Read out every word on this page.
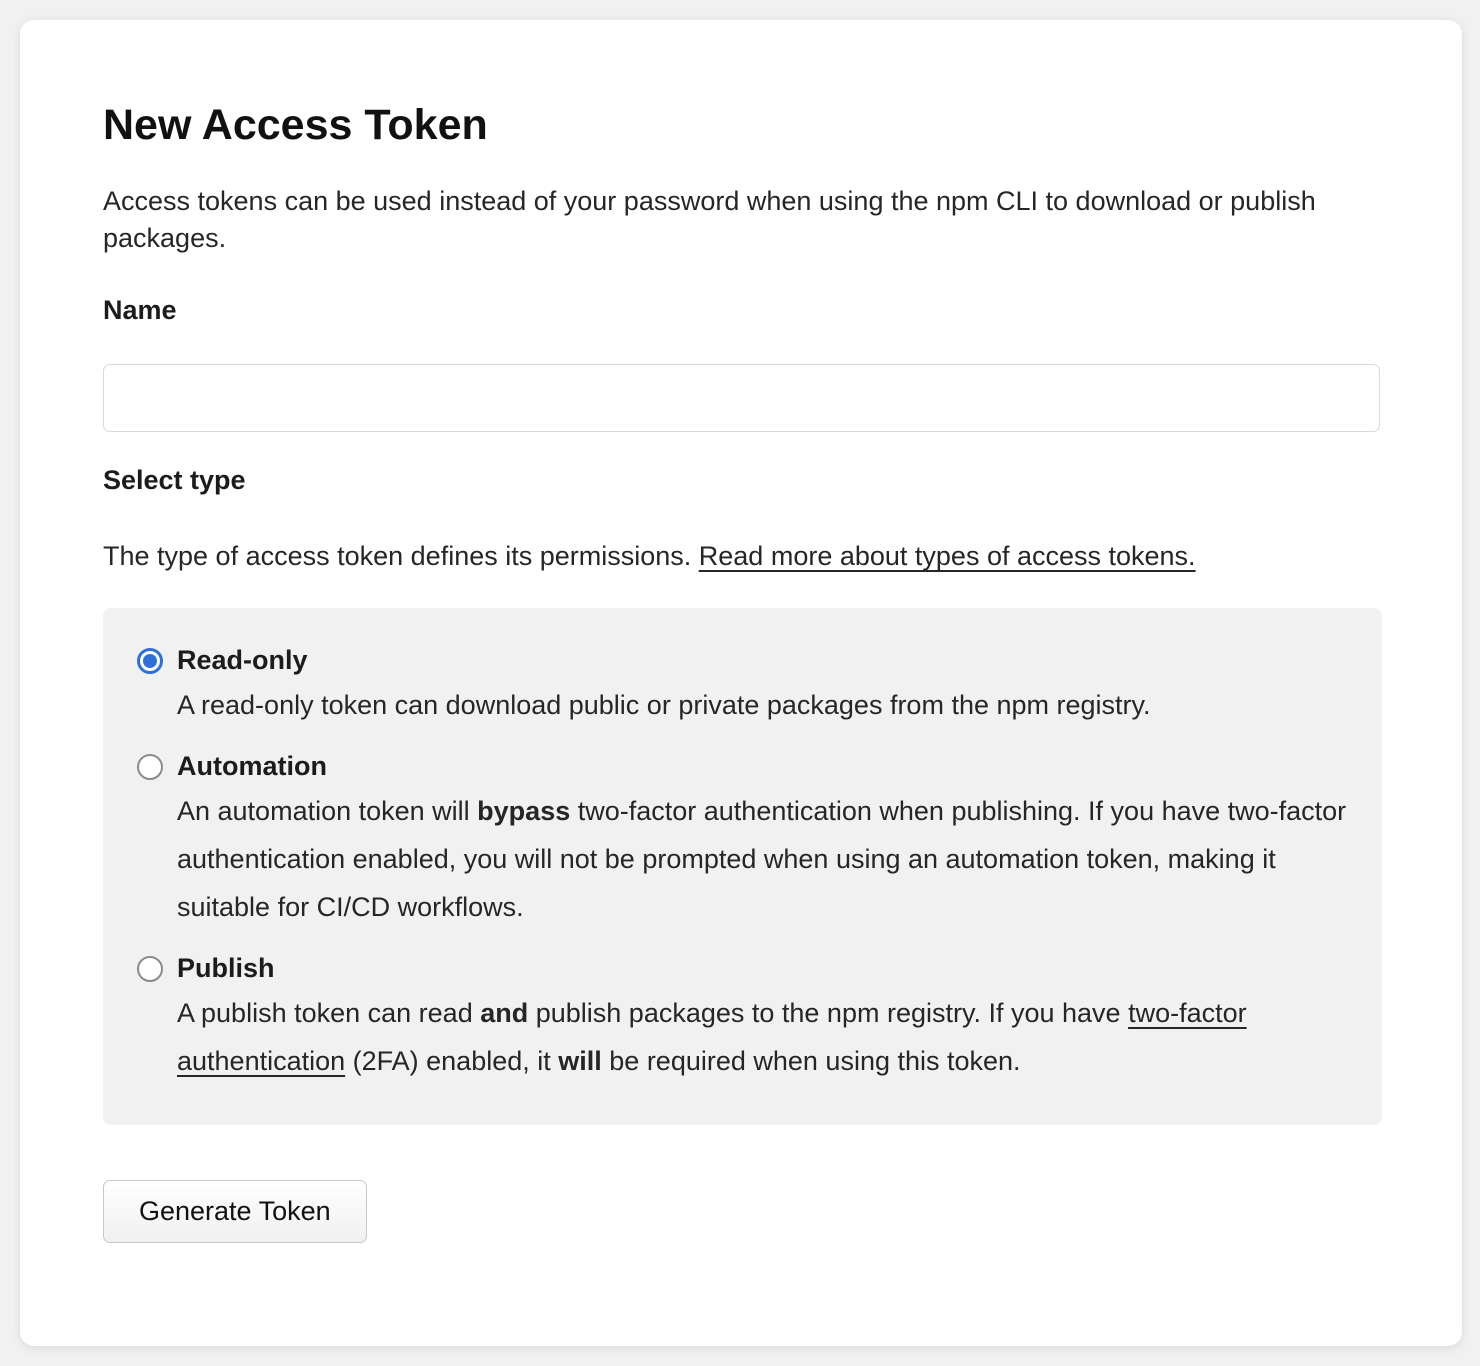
New Access Token

Access tokens can be used instead of your password when using the npm CLI to download or publish packages.

Name
Select type

The type of access token defines its permissions. Read more about types of access tokens.

Read-only
A read-only token can download public or private packages from the npm registry.
Automation
An automation token will bypass two-factor authentication when publishing. If you have two-factor authentication enabled, you will not be prompted when using an automation token, making it suitable for CI/CD workflows.
Publish
A publish token can read and publish packages to the npm registry. If you have two-factor authentication (2FA) enabled, it will be required when using this token.
Generate Token
